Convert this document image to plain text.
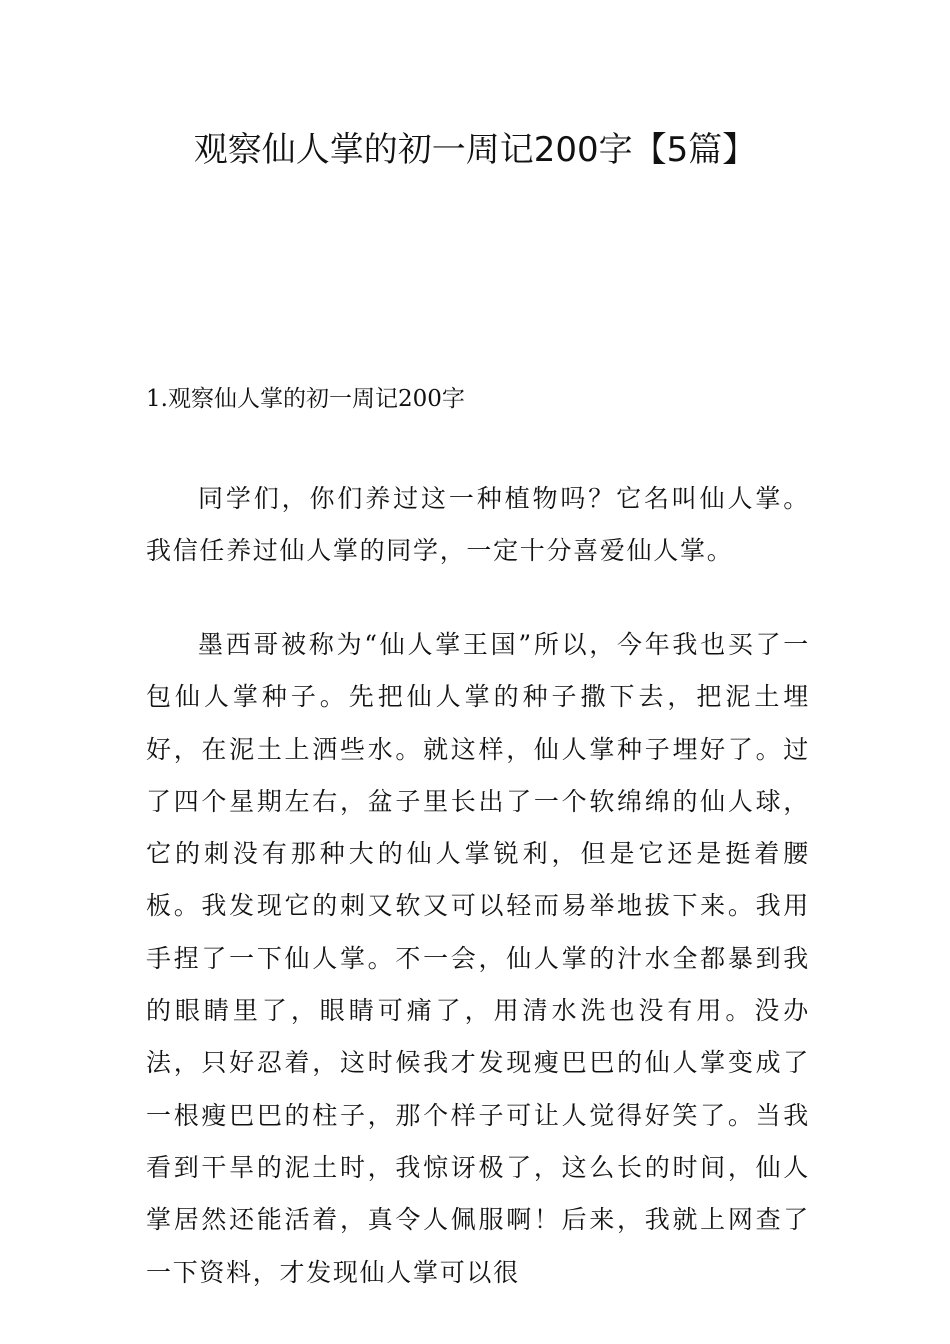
观察仙人掌的初一周记200字【5篇】
1.观察仙人掌的初一周记200字

同学们，你们养过这一种植物吗？它名叫仙人掌。我信任养过仙人掌的同学，一定十分喜爱仙人掌。

墨西哥被称为“仙人掌王国”所以，今年我也买了一包仙人掌种子。先把仙人掌的种子撒下去，把泥土埋好，在泥土上洒些水。就这样，仙人掌种子埋好了。过了四个星期左右，盆子里长出了一个软绵绵的仙人球，它的刺没有那种大的仙人掌锐利，但是它还是挺着腰板。我发现它的刺又软又可以轻而易举地拔下来。我用手捏了一下仙人掌。不一会，仙人掌的汁水全都暴到我的眼睛里了，眼睛可痛了，用清水洗也没有用。没办法，只好忍着，这时候我才发现瘦巴巴的仙人掌变成了一根瘦巴巴的柱子，那个样子可让人觉得好笑了。当我看到干旱的泥土时，我惊讶极了，这么长的时间，仙人掌居然还能活着，真令人佩服啊！后来，我就上网查了一下资料，才发现仙人掌可以很
